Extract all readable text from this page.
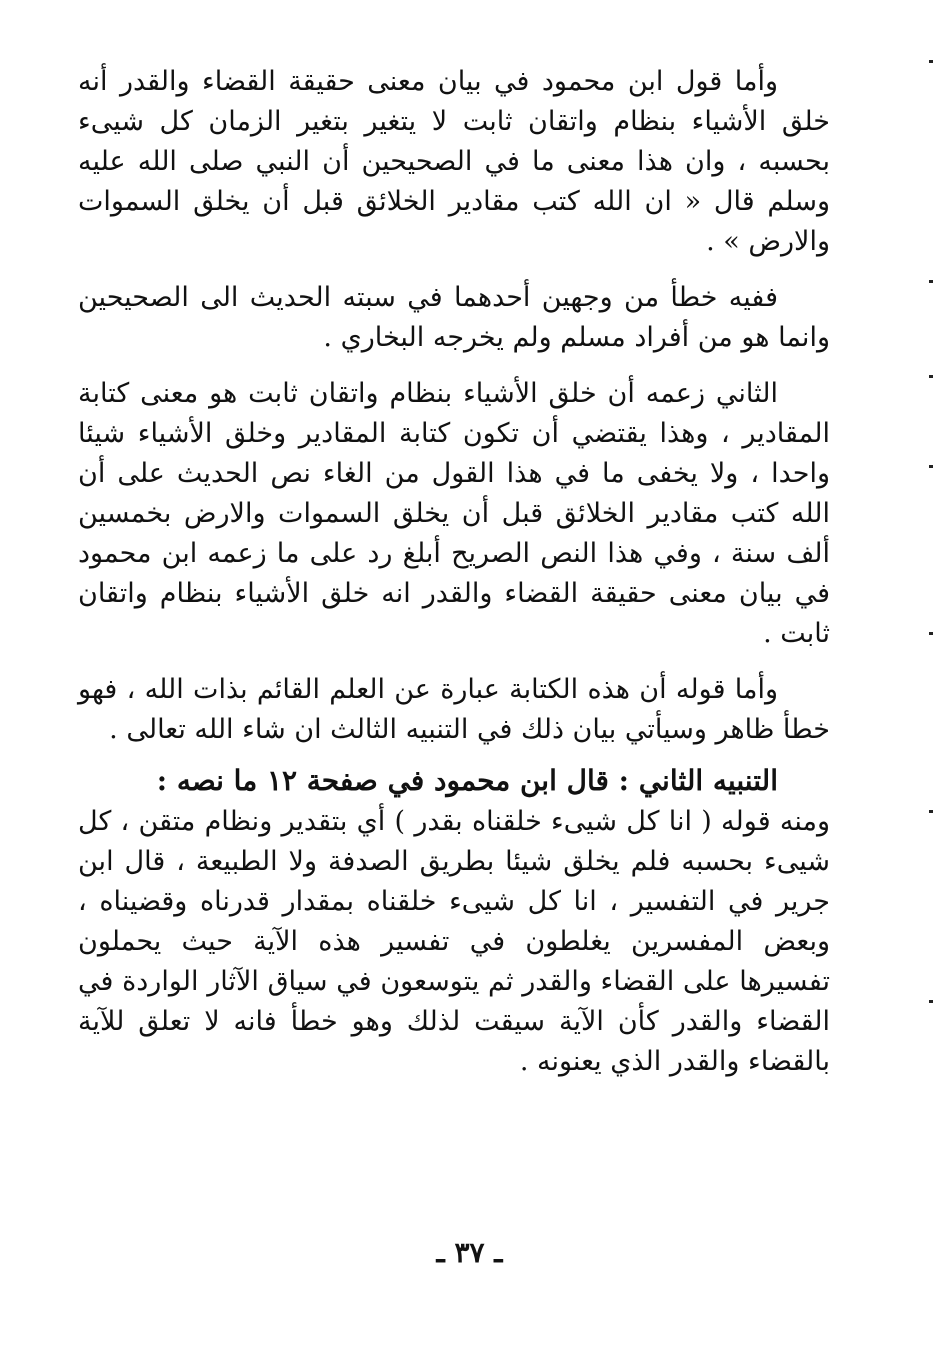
وأما قول ابن محمود في بيان معنى حقيقة القضاء والقدر أنه خلق الأشياء بنظام واتقان ثابت لا يتغير بتغير الزمان كل شيىء بحسبه ، وان هذا معنى ما في الصحيحين أن النبي صلى الله عليه وسلم قال « ان الله كتب مقادير الخلائق قبل أن يخلق السموات والارض » .

ففيه خطأ من وجهين أحدهما في سبته الحديث الى الصحيحين وانما هو من أفراد مسلم ولم يخرجه البخاري .

الثاني زعمه أن خلق الأشياء بنظام واتقان ثابت هو معنى كتابة المقادير ، وهذا يقتضي أن تكون كتابة المقادير وخلق الأشياء شيئا واحدا ، ولا يخفى ما في هذا القول من الغاء نص الحديث على أن الله كتب مقادير الخلائق قبل أن يخلق السموات والارض بخمسين ألف سنة ، وفي هذا النص الصريح أبلغ رد على ما زعمه ابن محمود في بيان معنى حقيقة القضاء والقدر انه خلق الأشياء بنظام واتقان ثابت .

وأما قوله أن هذه الكتابة عبارة عن العلم القائم بذات الله ، فهو خطأ ظاهر وسيأتي بيان ذلك في التنبيه الثالث ان شاء الله تعالى .

التنبيه الثاني : قال ابن محمود في صفحة ١٢ ما نصه :

ومنه قوله ( انا كل شيىء خلقناه بقدر ) أي بتقدير ونظام متقن ، كل شيىء بحسبه فلم يخلق شيئا بطريق الصدفة ولا الطبيعة ، قال ابن جرير في التفسير ، انا كل شيىء خلقناه بمقدار قدرناه وقضيناه ، وبعض المفسرين يغلطون في تفسير هذه الآية حيث يحملون تفسيرها على القضاء والقدر ثم يتوسعون في سياق الآثار الواردة في القضاء والقدر كأن الآية سيقت لذلك وهو خطأ فانه لا تعلق للآية بالقضاء والقدر الذي يعنونه .

ـ ٣٧ ـ
